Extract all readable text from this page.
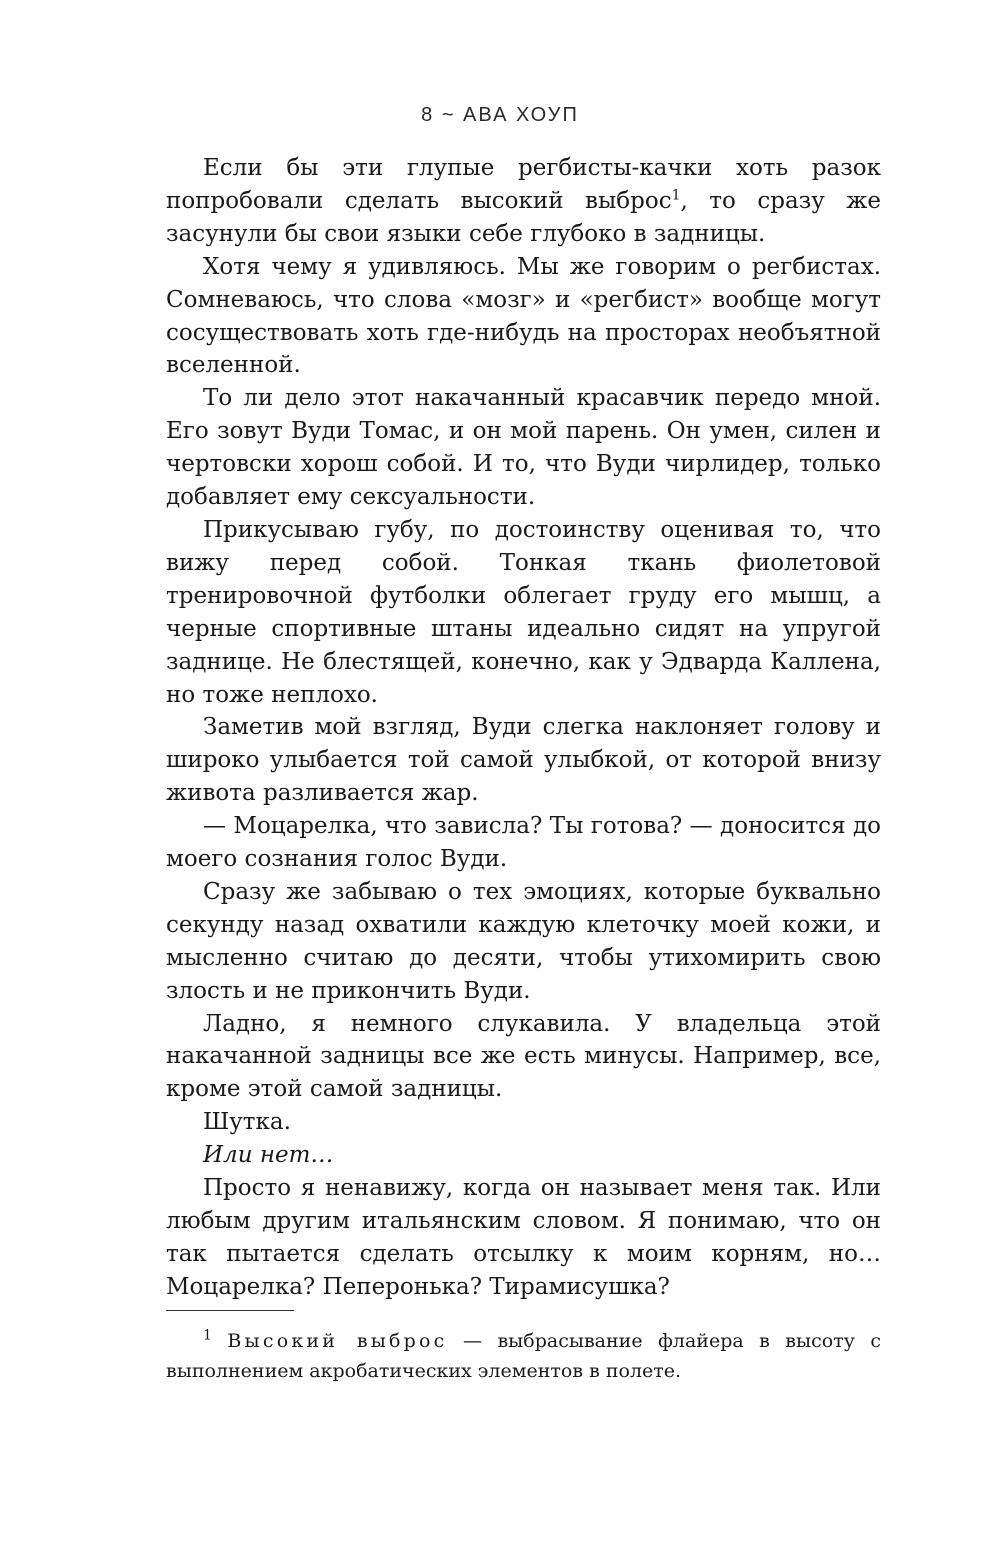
8 ~ АВА ХОУП

Если бы эти глупые регбисты-качки хоть разок попробовали сделать высокий выброс$^1$, то сразу же засунули бы свои языки себе глубоко в задницы.

Хотя чему я удивляюсь. Мы же говорим о регбистах. Сомневаюсь, что слова «мозг» и «регбист» вообще могут сосуществовать хоть где-нибудь на просторах необъятной вселенной.

То ли дело этот накачанный красавчик передо мной. Его зовут Вуди Томас, и он мой парень. Он умен, силен и чертовски хорош собой. И то, что Вуди чирлидер, только добавляет ему сексуальности.

Прикусываю губу, по достоинству оценивая то, что вижу перед собой. Тонкая ткань фиолетовой тренировочной футболки облегает груду его мышц, а черные спортивные штаны идеально сидят на упругой заднице. Не блестящей, конечно, как у Эдварда Каллена, но тоже неплохо.

Заметив мой взгляд, Вуди слегка наклоняет голову и широко улыбается той самой улыбкой, от которой внизу живота разливается жар.

— Моцарелка, что зависла? Ты готова? — доносится до моего сознания голос Вуди.

Сразу же забываю о тех эмоциях, которые буквально секунду назад охватили каждую клеточку моей кожи, и мысленно считаю до десяти, чтобы утихомирить свою злость и не прикончить Вуди.

Ладно, я немного слукавила. У владельца этой накачанной задницы все же есть минусы. Например, все, кроме этой самой задницы.

Шутка.

Или нет…

Просто я ненавижу, когда он называет меня так. Или любым другим итальянским словом. Я понимаю, что он так пытается сделать отсылку к моим корням, но… Моцарелка? Пеперонька? Тирамисушка?

$^1$ Высокий выброс — выбрасывание флайера в высоту с выполнением акробатических элементов в полете.
